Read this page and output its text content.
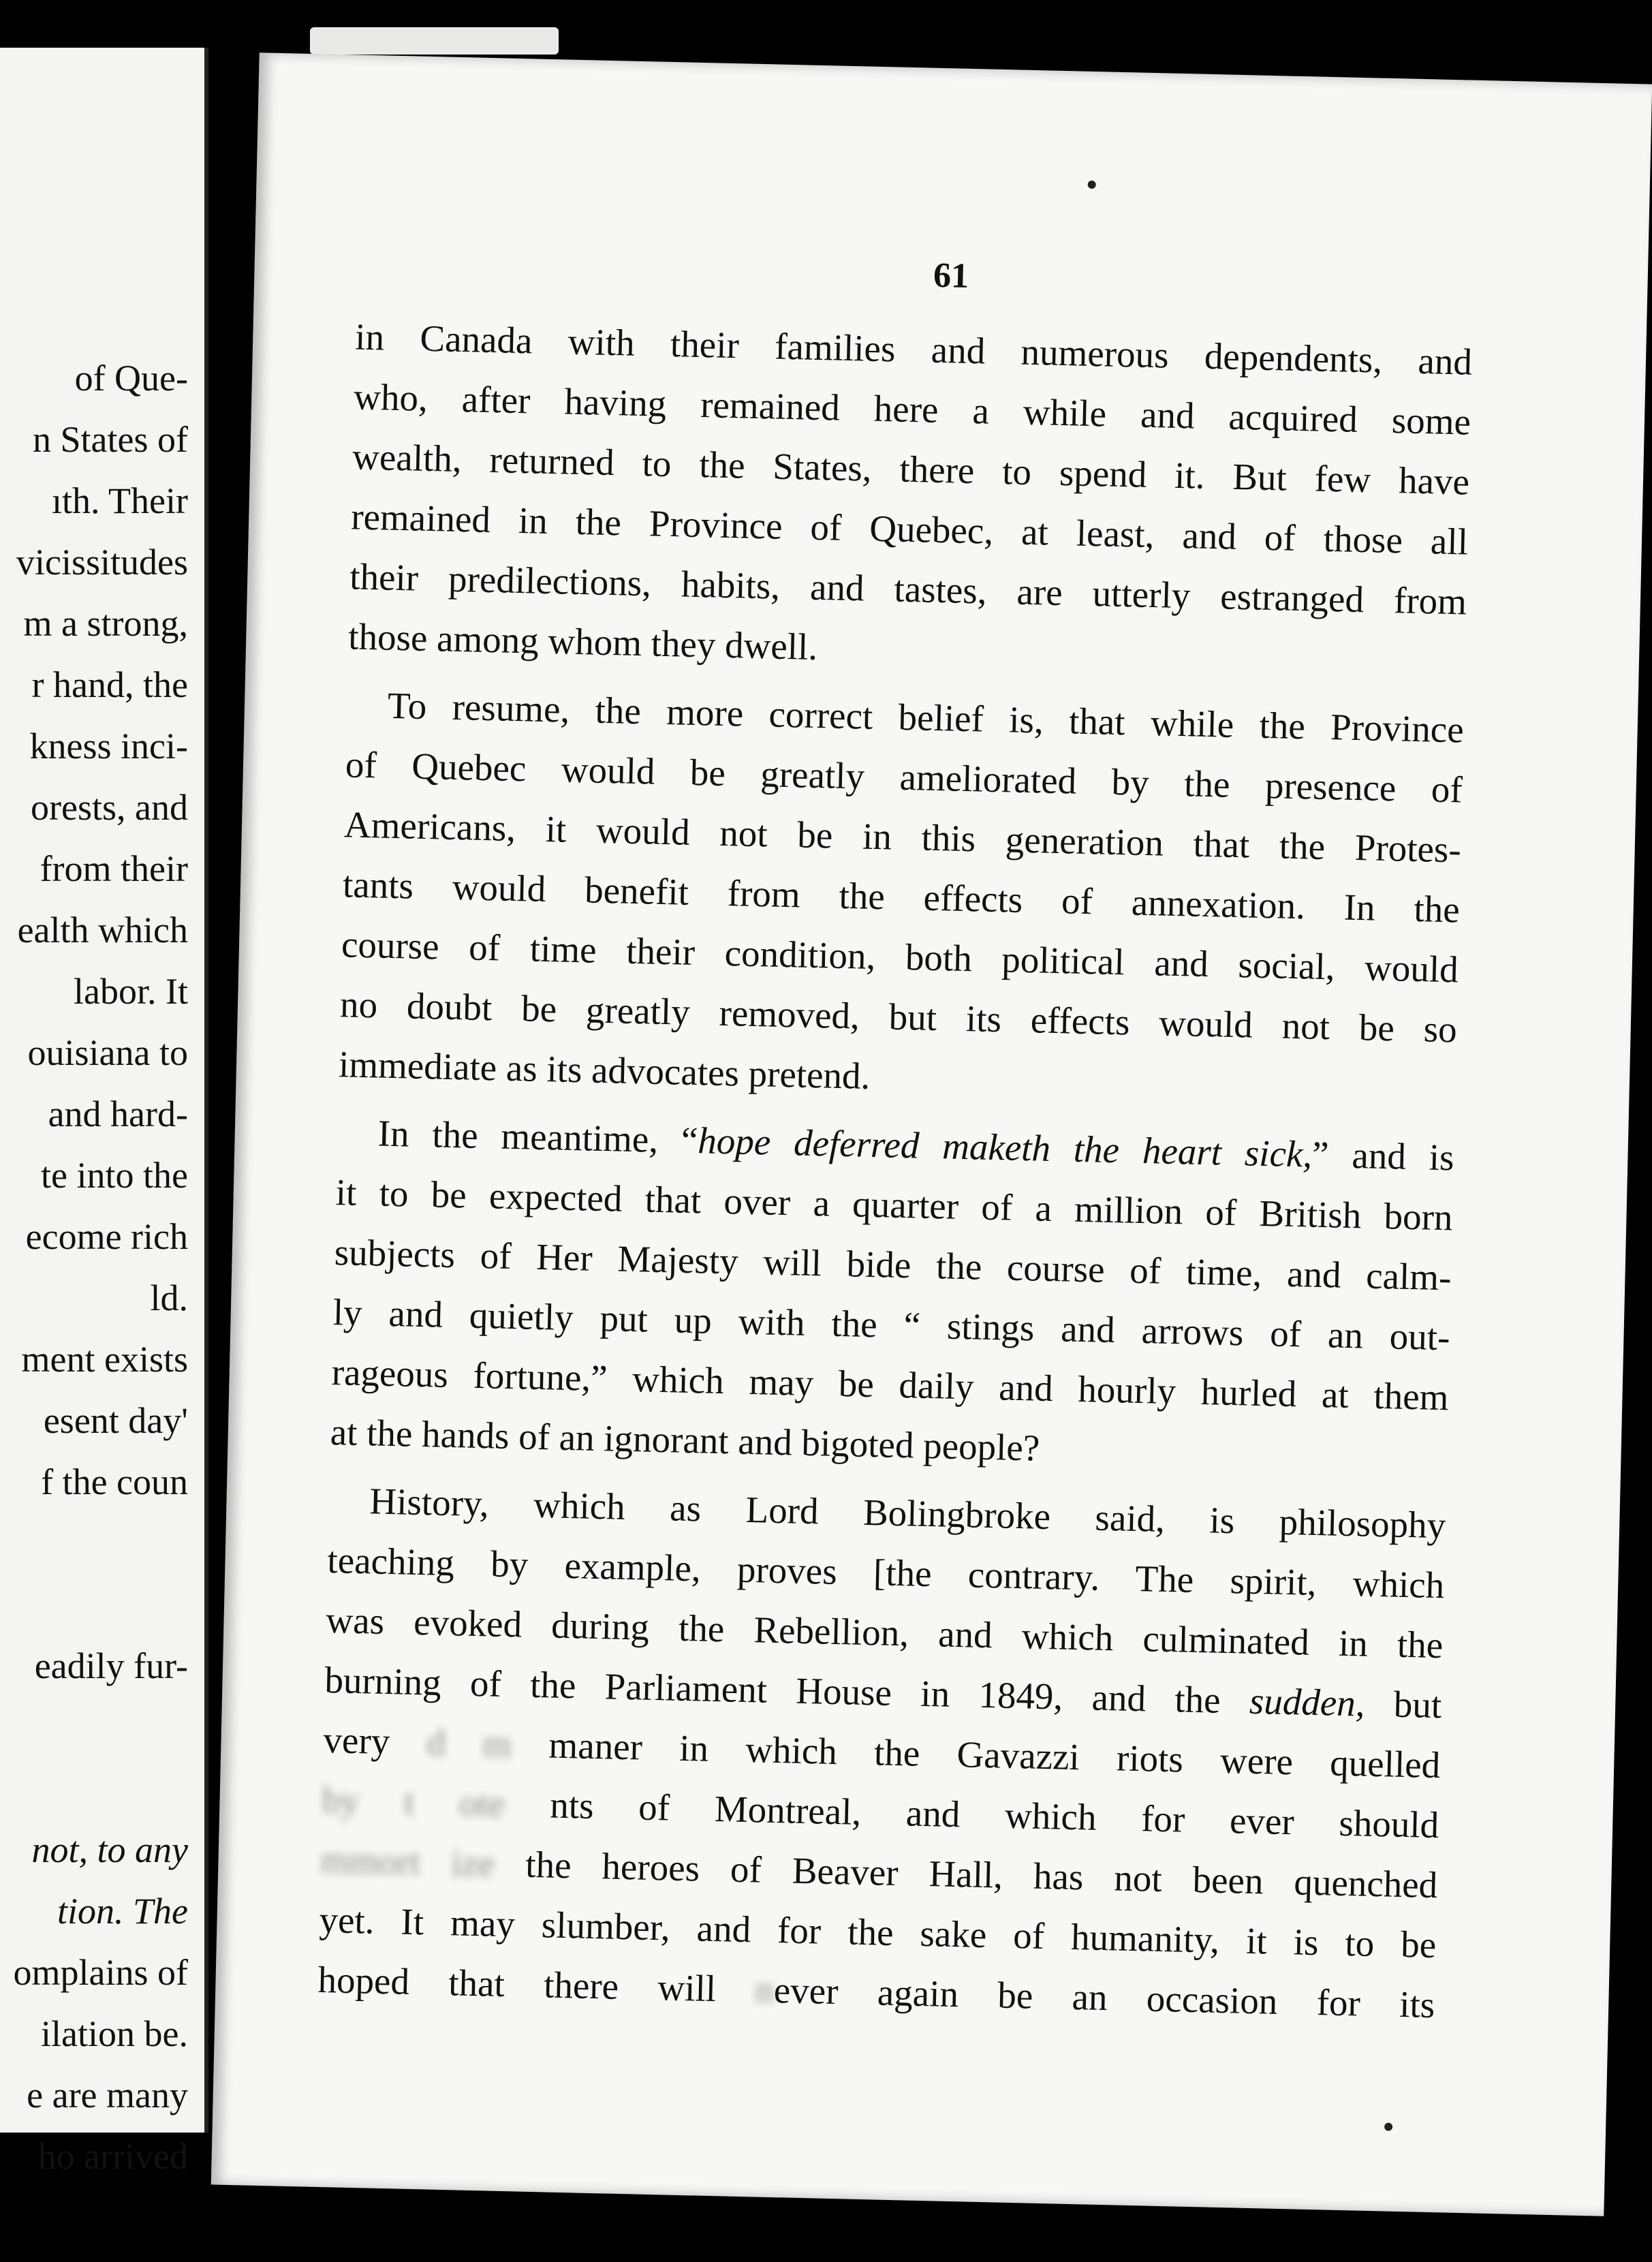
of Que-
n States of
ıth. Their
vicissitudes
m a strong,
r hand, the
kness inci-
orests, and
from their
ealth which
labor. It
ouisiana to
and hard-
te into the
ecome rich
ld.
ment exists
esent day'
f the coun
eadily fur-
not, to any
tion. The
omplains of
ilation be.
e are many
ho arrived
61
in Canada with their families and numerous dependents, and
who, after having remained here a while and acquired some
wealth, returned to the States, there to spend it. But few have
remained in the Province of Quebec, at least, and of those all
their predilections, habits, and tastes, are utterly estranged from
those among whom they dwell.
To resume, the more correct belief is, that while the Province
of Quebec would be greatly ameliorated by the presence of
Americans, it would not be in this generation that the Protes-
tants would benefit from the effects of annexation. In the
course of time their condition, both political and social, would
no doubt be greatly removed, but its effects would not be so
immediate as its advocates pretend.
In the meantime, “hope deferred maketh the heart sick,” and is
it to be expected that over a quarter of a million of British born
subjects of Her Majesty will bide the course of time, and calm-
ly and quietly put up with the “ stings and arrows of an out-
rageous fortune,” which may be daily and hourly hurled at them
at the hands of an ignorant and bigoted people?
History, which as Lord Bolingbroke said, is philosophy
teaching by example, proves [the contrary. The spirit, which
was evoked during the Rebellion, and which culminated in the
burning of the Parliament House in 1849, and the sudden, but
very d m maner in which the Gavazzi riots were quelled
by t ote nts of Montreal, and which for ever should
mmort ize the heroes of Beaver Hall, has not been quenched
yet. It may slumber, and for the sake of humanity, it is to be
hoped that there will never again be an occasion for its
